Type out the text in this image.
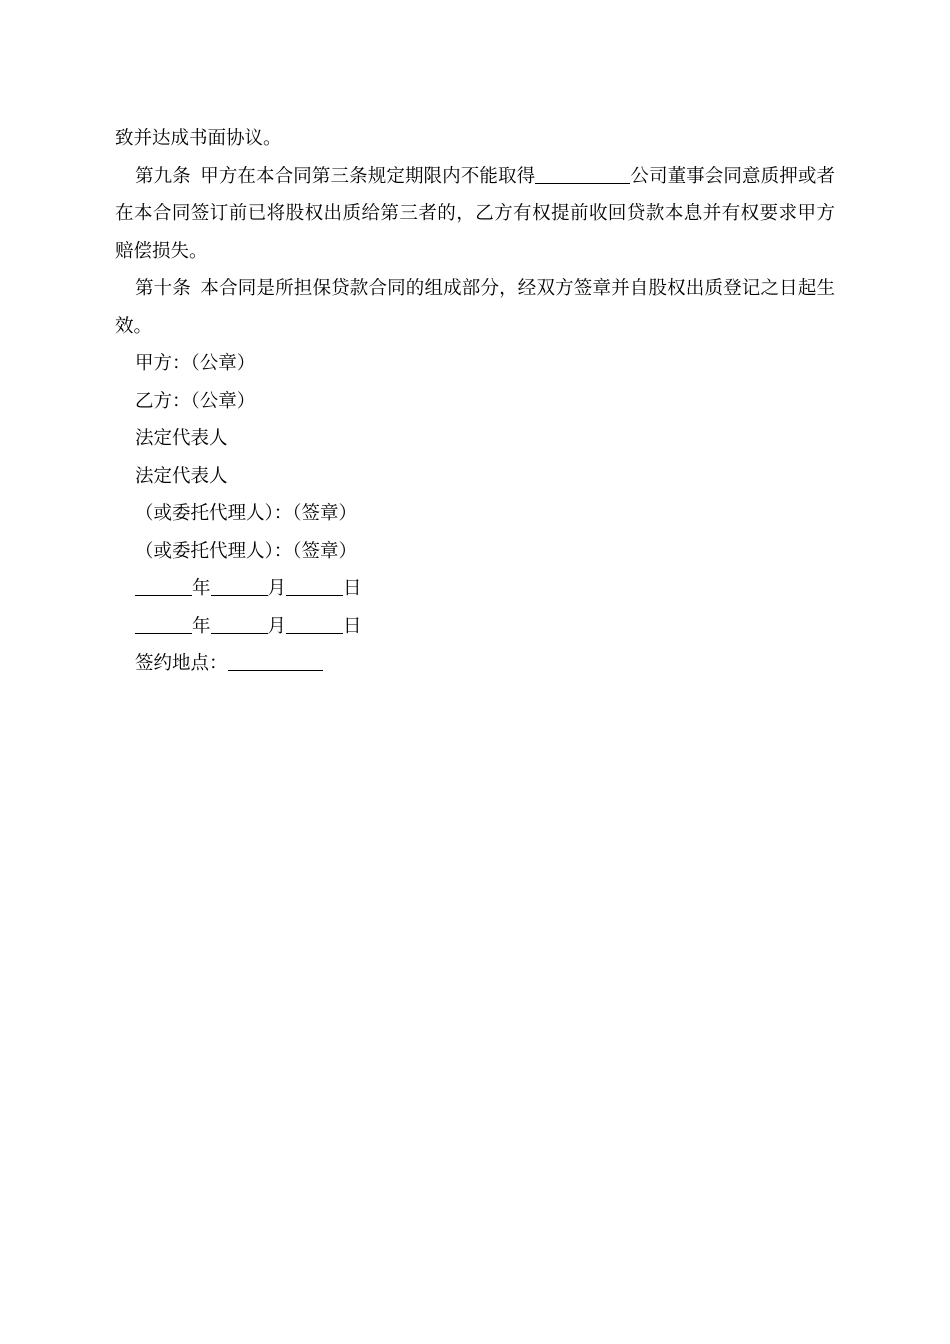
致并达成书面协议。

第九条  甲方在本合同第三条规定期限内不能取得	公司董事会同意质押或者在本合同签订前已将股权出质给第三者的，乙方有权提前收回贷款本息并有权要求甲方赔偿损失。

第十条  本合同是所担保贷款合同的组成部分，经双方签章并自股权出质登记之日起生效。

甲方：（公章）

乙方：（公章）

法定代表人

法定代表人

（或委托代理人）：（签章）

（或委托代理人）：（签章）

年	月	日

年	月	日

签约地点：
